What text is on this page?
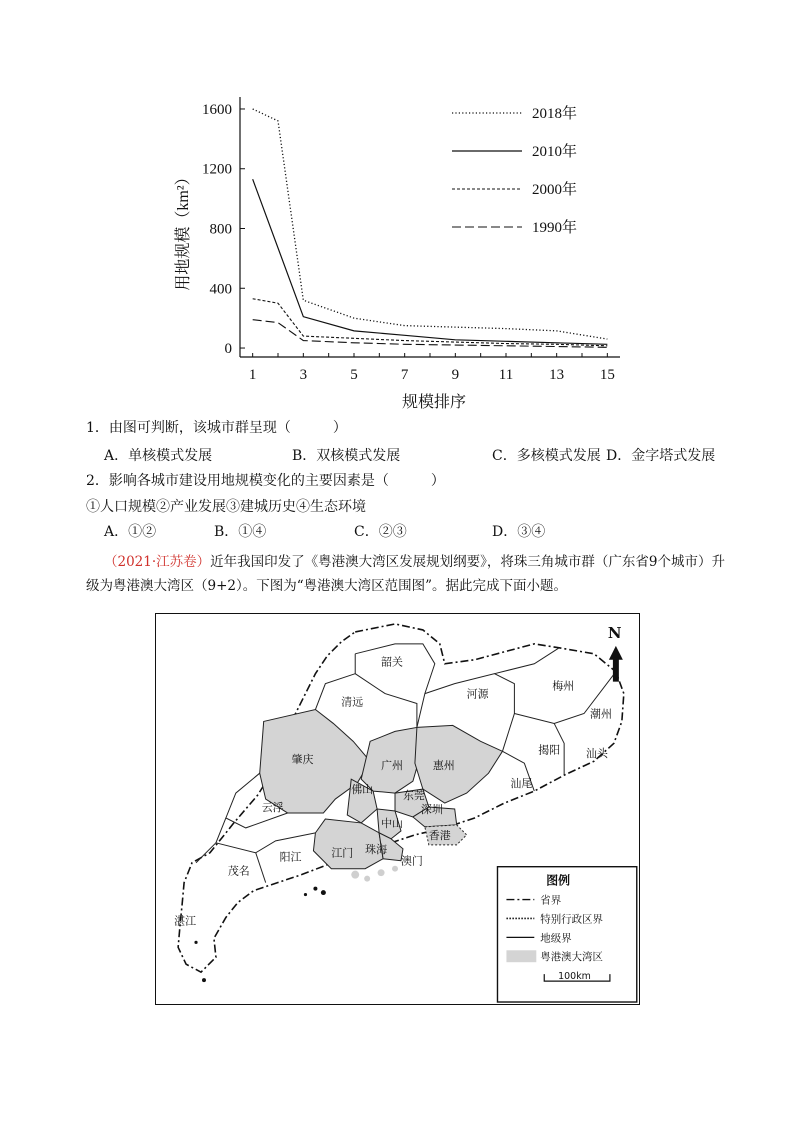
0
400
800
1200
1600
1	3	5	7	9	11 13 15
规模排序
用地规模（km²）
2018年
2010年
2000年
1990年
1．由图可判断，该城市群呈现（　　　）
A．单核模式发展	B．双核模式发展	C．多核模式发展 D．金字塔式发展
2．影响各城市建设用地规模变化的主要因素是（　　　）
①人口规模②产业发展③建城历史④生态环境
A．①②	B．①④	C．②③	D．③④
（2021·江苏卷）近年我国印发了《粤港澳大湾区发展规划纲要》，将珠三角城市群（广东省9个城市）升级为粤港澳大湾区（9+2）。下图为“粤港澳大湾区范围图”。据此完成下面小题。
韶关
清远
河源
梅州
潮州
肇庆	广州	惠州
揭阳 汕头
汕尾
佛山	东莞
深圳
云浮
中山
香港
江门 珠海
澳门
茂名
阳江
湛江
N
图例
省界
特别行政区界
地级界
粤港澳大湾区
100km
